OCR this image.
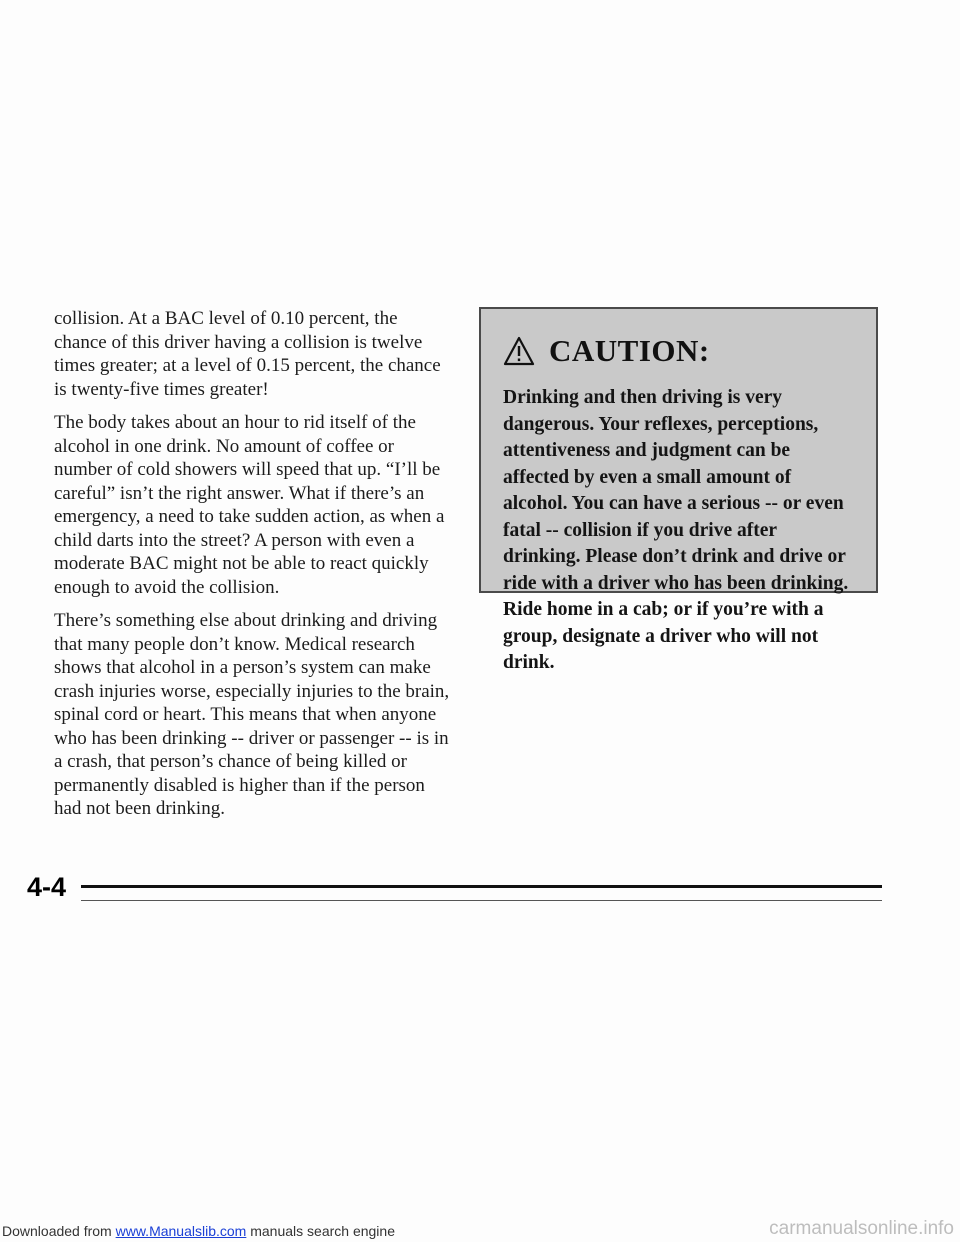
collision. At a BAC level of 0.10 percent, the chance of this driver having a collision is twelve times greater; at a level of 0.15 percent, the chance is twenty-five times greater!

The body takes about an hour to rid itself of the alcohol in one drink. No amount of coffee or number of cold showers will speed that up. “I’ll be careful” isn’t the right answer. What if there’s an emergency, a need to take sudden action, as when a child darts into the street? A person with even a moderate BAC might not be able to react quickly enough to avoid the collision.

There’s something else about drinking and driving that many people don’t know. Medical research shows that alcohol in a person’s system can make crash injuries worse, especially injuries to the brain, spinal cord or heart. This means that when anyone who has been drinking -- driver or passenger -- is in a crash, that person’s chance of being killed or permanently disabled is higher than if the person had not been drinking.

CAUTION:

Drinking and then driving is very dangerous. Your reflexes, perceptions, attentiveness and judgment can be affected by even a small amount of alcohol. You can have a serious -- or even fatal -- collision if you drive after drinking. Please don’t drink and drive or ride with a driver who has been drinking. Ride home in a cab; or if you’re with a group, designate a driver who will not drink.

4-4
Downloaded from www.Manualslib.com manuals search engine	carmanualsonline.info
